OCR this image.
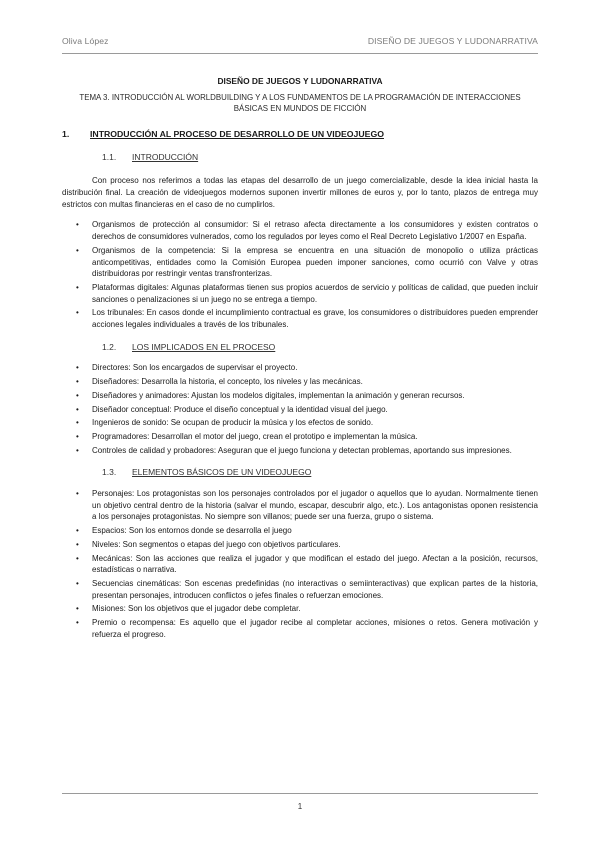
Oliva López	DISEÑO DE JUEGOS Y LUDONARRATIVA
DISEÑO DE JUEGOS Y LUDONARRATIVA
TEMA 3. INTRODUCCIÓN AL WORLDBUILDING Y A LOS FUNDAMENTOS DE LA PROGRAMACIÓN DE INTERACCIONES BÁSICAS EN MUNDOS DE FICCIÓN
1.	INTRODUCCIÓN AL PROCESO DE DESARROLLO DE UN VIDEOJUEGO
1.1.	INTRODUCCIÓN

Con proceso nos referimos a todas las etapas del desarrollo de un juego comercializable, desde la idea inicial hasta la distribución final. La creación de videojuegos modernos suponen invertir millones de euros y, por lo tanto, plazos de entrega muy estrictos con multas financieras en el caso de no cumplirlos.

• Organismos de protección al consumidor: Si el retraso afecta directamente a los consumidores y existen contratos o derechos de consumidores vulnerados, como los regulados por leyes como el Real Decreto Legislativo 1/2007 en España.
• Organismos de la competencia: Si la empresa se encuentra en una situación de monopolio o utiliza prácticas anticompetitivas, entidades como la Comisión Europea pueden imponer sanciones, como ocurrió con Valve y otras distribuidoras por restringir ventas transfronterizas.
• Plataformas digitales: Algunas plataformas tienen sus propios acuerdos de servicio y políticas de calidad, que pueden incluir sanciones o penalizaciones si un juego no se entrega a tiempo.
• Los tribunales: En casos donde el incumplimiento contractual es grave, los consumidores o distribuidores pueden emprender acciones legales individuales a través de los tribunales.
1.2.	LOS IMPLICADOS EN EL PROCESO
• Directores: Son los encargados de supervisar el proyecto.
• Diseñadores: Desarrolla la historia, el concepto, los niveles y las mecánicas.
• Diseñadores y animadores: Ajustan los modelos digitales, implementan la animación y generan recursos.
• Diseñador conceptual: Produce el diseño conceptual y la identidad visual del juego.
• Ingenieros de sonido: Se ocupan de producir la música y los efectos de sonido.
• Programadores: Desarrollan el motor del juego, crean el prototipo e implementan la música.
• Controles de calidad y probadores: Aseguran que el juego funciona y detectan problemas, aportando sus impresiones.
1.3.	ELEMENTOS BÁSICOS DE UN VIDEOJUEGO
• Personajes: Los protagonistas son los personajes controlados por el jugador o aquellos que lo ayudan. Normalmente tienen un objetivo central dentro de la historia (salvar el mundo, escapar, descubrir algo, etc.). Los antagonistas oponen resistencia a los personajes protagonistas. No siempre son villanos; puede ser una fuerza, grupo o sistema.
• Espacios: Son los entornos donde se desarrolla el juego
• Niveles: Son segmentos o etapas del juego con objetivos particulares.
• Mecánicas: Son las acciones que realiza el jugador y que modifican el estado del juego. Afectan a la posición, recursos, estadísticas o narrativa.
• Secuencias cinemáticas: Son escenas predefinidas (no interactivas o semiinteractivas) que explican partes de la historia, presentan personajes, introducen conflictos o jefes finales o refuerzan emociones.
• Misiones: Son los objetivos que el jugador debe completar.
• Premio o recompensa: Es aquello que el jugador recibe al completar acciones, misiones o retos. Genera motivación y refuerza el progreso.
1
